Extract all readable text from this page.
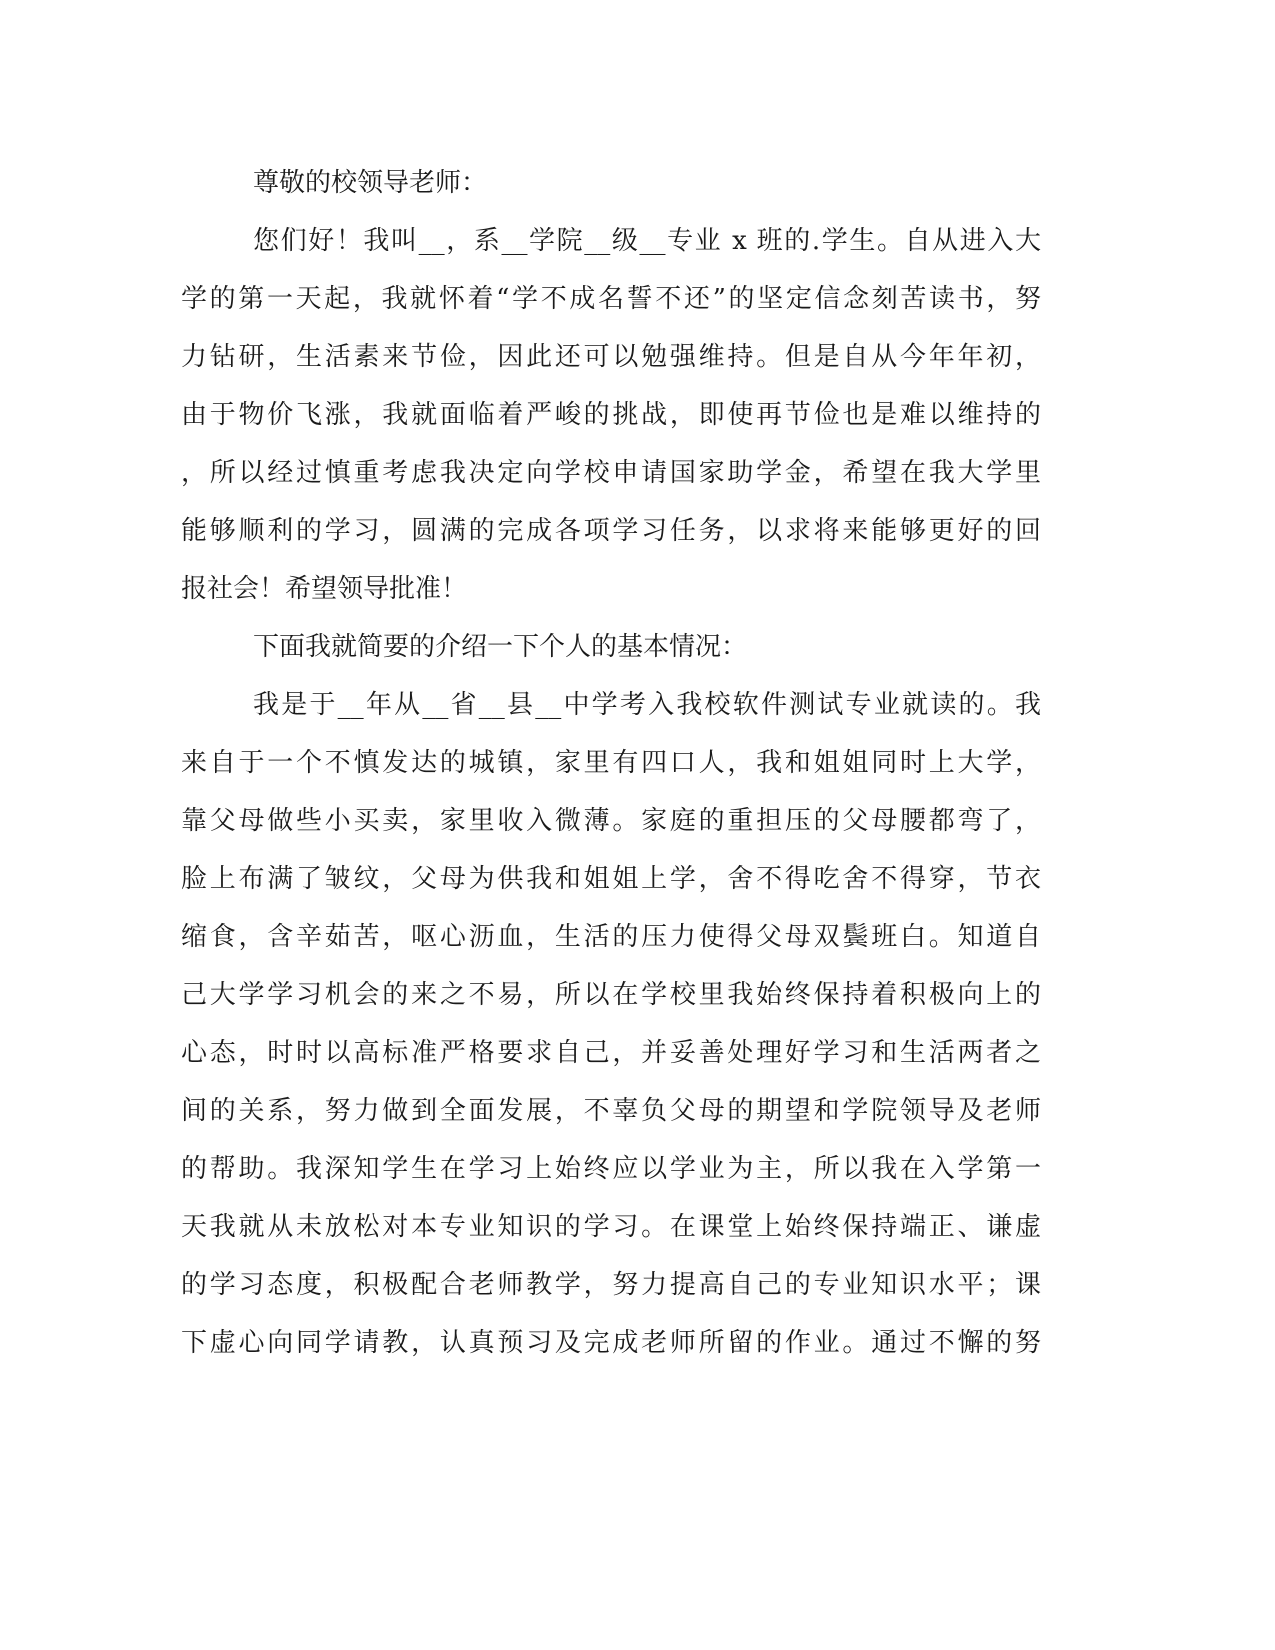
尊敬的校领导老师：
您们好！我叫__，系__学院__级__专业 x 班的.学生。自从进入大
学的第一天起，我就怀着“学不成名誓不还”的坚定信念刻苦读书，努
力钻研，生活素来节俭，因此还可以勉强维持。但是自从今年年初，
由于物价飞涨，我就面临着严峻的挑战，即使再节俭也是难以维持的
，所以经过慎重考虑我决定向学校申请国家助学金，希望在我大学里
能够顺利的学习，圆满的完成各项学习任务，以求将来能够更好的回
报社会！希望领导批准！
下面我就简要的介绍一下个人的基本情况：
我是于__年从__省__县__中学考入我校软件测试专业就读的。我
来自于一个不慎发达的城镇，家里有四口人，我和姐姐同时上大学，
靠父母做些小买卖，家里收入微薄。家庭的重担压的父母腰都弯了，
脸上布满了皱纹，父母为供我和姐姐上学，舍不得吃舍不得穿，节衣
缩食，含辛茹苦，呕心沥血，生活的压力使得父母双鬓班白。知道自
己大学学习机会的来之不易，所以在学校里我始终保持着积极向上的
心态，时时以高标准严格要求自己，并妥善处理好学习和生活两者之
间的关系，努力做到全面发展，不辜负父母的期望和学院领导及老师
的帮助。我深知学生在学习上始终应以学业为主，所以我在入学第一
天我就从未放松对本专业知识的学习。在课堂上始终保持端正、谦虚
的学习态度，积极配合老师教学，努力提高自己的专业知识水平；课
下虚心向同学请教，认真预习及完成老师所留的作业。通过不懈的努
